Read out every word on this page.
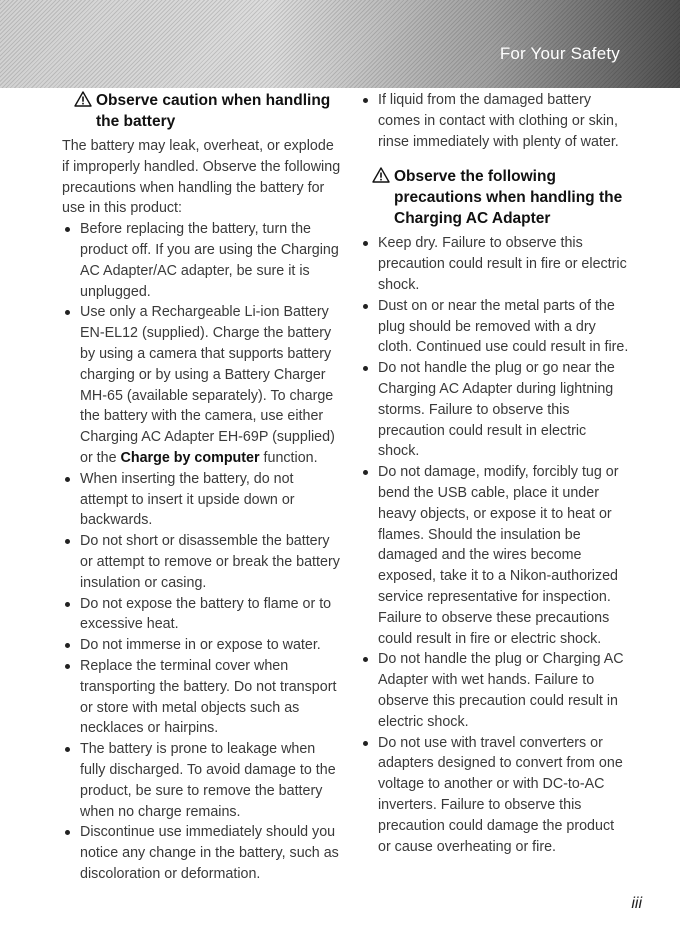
For Your Safety
Observe caution when handling the battery

The battery may leak, overheat, or explode if improperly handled. Observe the following precautions when handling the battery for use in this product:

Before replacing the battery, turn the product off. If you are using the Charging AC Adapter/AC adapter, be sure it is unplugged.
Use only a Rechargeable Li-ion Battery EN-EL12 (supplied). Charge the battery by using a camera that supports battery charging or by using a Battery Charger MH-65 (available separately). To charge the battery with the camera, use either Charging AC Adapter EH-69P (supplied) or the Charge by computer function.
When inserting the battery, do not attempt to insert it upside down or backwards.
Do not short or disassemble the battery or attempt to remove or break the battery insulation or casing.
Do not expose the battery to flame or to excessive heat.
Do not immerse in or expose to water.
Replace the terminal cover when transporting the battery. Do not transport or store with metal objects such as necklaces or hairpins.
The battery is prone to leakage when fully discharged. To avoid damage to the product, be sure to remove the battery when no charge remains.
Discontinue use immediately should you notice any change in the battery, such as discoloration or deformation.
If liquid from the damaged battery comes in contact with clothing or skin, rinse immediately with plenty of water.
Observe the following precautions when handling the Charging AC Adapter
Keep dry. Failure to observe this precaution could result in fire or electric shock.
Dust on or near the metal parts of the plug should be removed with a dry cloth. Continued use could result in fire.
Do not handle the plug or go near the Charging AC Adapter during lightning storms. Failure to observe this precaution could result in electric shock.
Do not damage, modify, forcibly tug or bend the USB cable, place it under heavy objects, or expose it to heat or flames. Should the insulation be damaged and the wires become exposed, take it to a Nikon-authorized service representative for inspection. Failure to observe these precautions could result in fire or electric shock.
Do not handle the plug or Charging AC Adapter with wet hands. Failure to observe this precaution could result in electric shock.
Do not use with travel converters or adapters designed to convert from one voltage to another or with DC-to-AC inverters. Failure to observe this precaution could damage the product or cause overheating or fire.
iii
